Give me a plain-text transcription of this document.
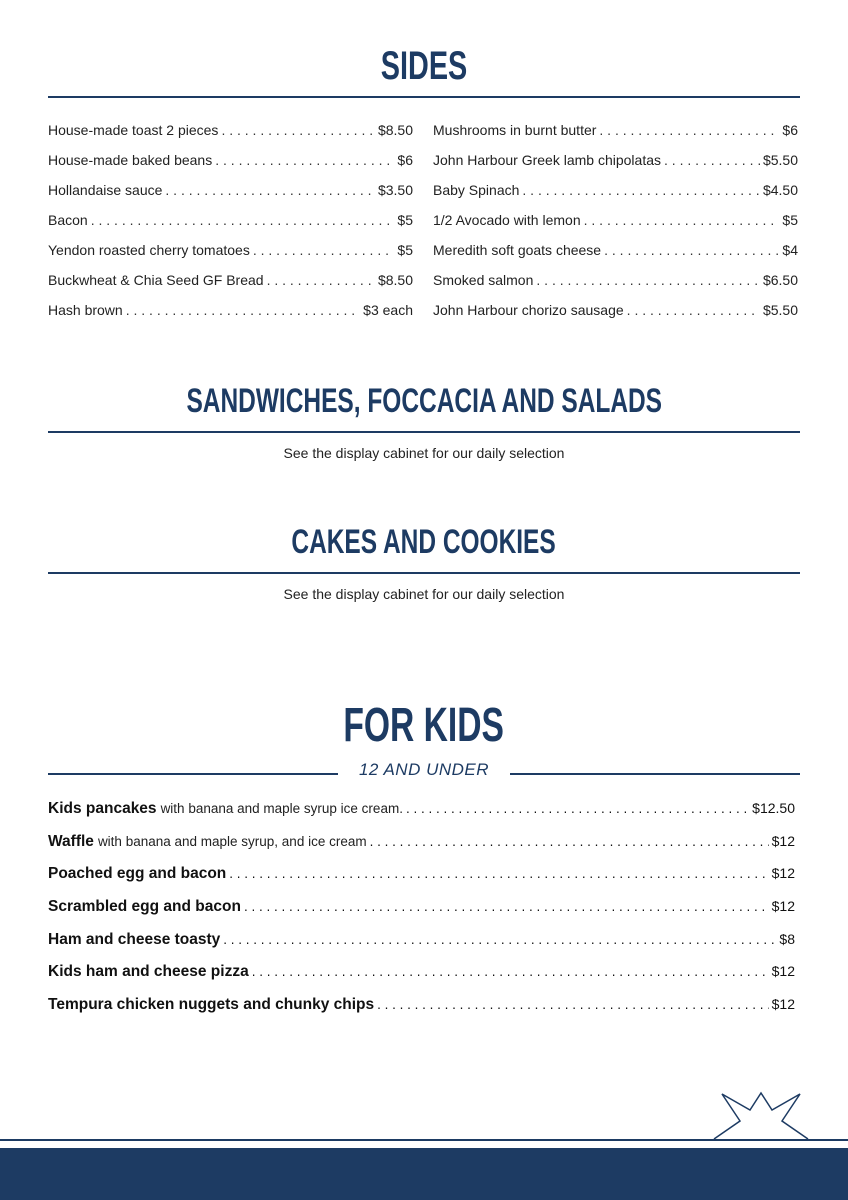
SIDES
House-made toast 2 pieces . . .	$8.50
House-made baked beans . . .	$6
Hollandaise sauce . . .	$3.50
Bacon . . .	$5
Yendon roasted cherry tomatoes . . .	$5
Buckwheat & Chia Seed GF Bread . . .	$8.50
Hash brown . . .	$3 each
Mushrooms in burnt butter . . .	$6
John Harbour Greek lamb chipolatas . . .	$5.50
Baby Spinach . . .	$4.50
1/2 Avocado with lemon . . .	$5
Meredith soft goats cheese . . .	$4
Smoked salmon . . .	$6.50
John Harbour chorizo sausage . . .	$5.50
SANDWICHES, FOCCACIA AND SALADS
See the display cabinet for our daily selection
CAKES AND COOKIES
See the display cabinet for our daily selection
FOR KIDS
12 AND UNDER
Kids pancakes with banana and maple syrup ice cream. . . .	$12.50
Waffle with banana and maple syrup, and ice cream . . .	$12
Poached egg and bacon . . .	$12
Scrambled egg and bacon . . .	$12
Ham and cheese toasty . . .	$8
Kids ham and cheese pizza . . .	$12
Tempura chicken nuggets and chunky chips . . .	$12
